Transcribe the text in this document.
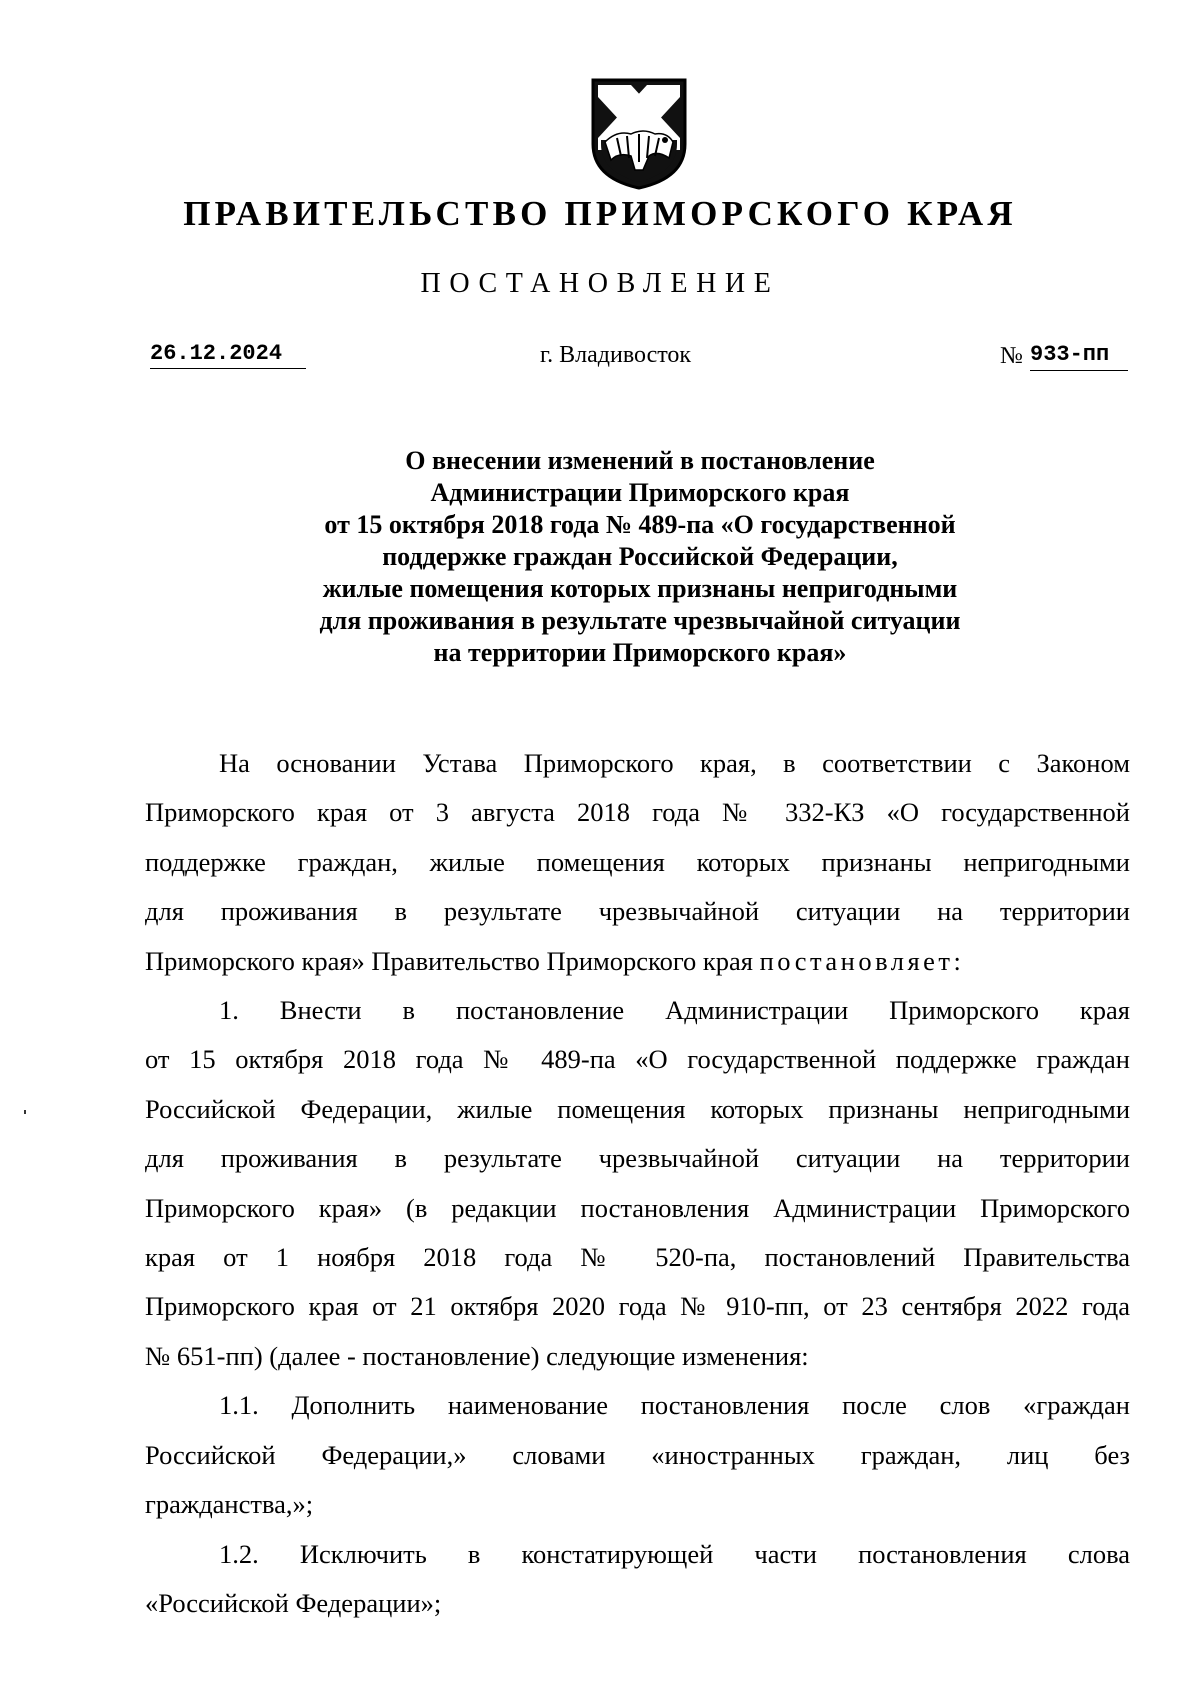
ПРАВИТЕЛЬСТВО ПРИМОРСКОГО КРАЯ
ПОСТАНОВЛЕНИЕ
26.12.2024	г. Владивосток	№ 933-пп
О внесении изменений в постановление
Администрации Приморского края
от 15 октября 2018 года № 489-па «О государственной
поддержке граждан Российской Федерации,
жилые помещения которых признаны непригодными
для проживания в результате чрезвычайной ситуации
на территории Приморского края»
На основании Устава Приморского края, в соответствии с Законом
Приморского края от 3 августа 2018 года № 332-КЗ «О государственной
поддержке граждан, жилые помещения которых признаны непригодными
для проживания в результате чрезвычайной ситуации на территории
Приморского края» Правительство Приморского края постановляет:
1. Внести в постановление Администрации Приморского края
от 15 октября 2018 года № 489-па «О государственной поддержке граждан
Российской Федерации, жилые помещения которых признаны непригодными
для проживания в результате чрезвычайной ситуации на территории
Приморского края» (в редакции постановления Администрации Приморского
края от 1 ноября 2018 года № 520-па, постановлений Правительства
Приморского края от 21 октября 2020 года № 910-пп, от 23 сентября 2022 года
№ 651-пп) (далее - постановление) следующие изменения:
1.1. Дополнить наименование постановления после слов «граждан
Российской Федерации,» словами «иностранных граждан, лиц без
гражданства,»;
1.2. Исключить в констатирующей части постановления слова
«Российской Федерации»;
